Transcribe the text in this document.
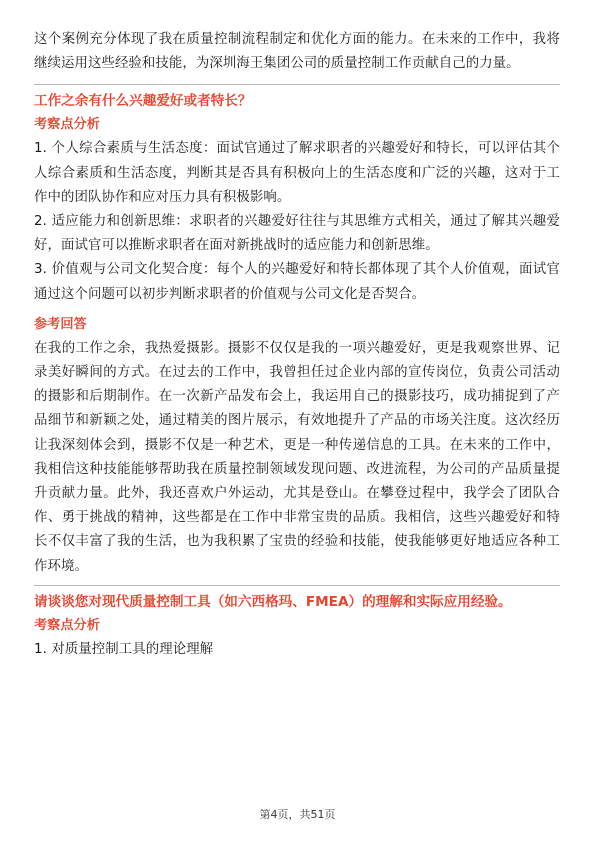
这个案例充分体现了我在质量控制流程制定和优化方面的能力。在未来的工作中，我将继续运用这些经验和技能，为深圳海王集团公司的质量控制工作贡献自己的力量。

工作之余有什么兴趣爱好或者特长？
考察点分析

1. 个人综合素质与生活态度：面试官通过了解求职者的兴趣爱好和特长，可以评估其个人综合素质和生活态度，判断其是否具有积极向上的生活态度和广泛的兴趣，这对于工作中的团队协作和应对压力具有积极影响。

2. 适应能力和创新思维：求职者的兴趣爱好往往与其思维方式相关，通过了解其兴趣爱好，面试官可以推断求职者在面对新挑战时的适应能力和创新思维。

3. 价值观与公司文化契合度：每个人的兴趣爱好和特长都体现了其个人价值观，面试官通过这个问题可以初步判断求职者的价值观与公司文化是否契合。

参考回答

在我的工作之余，我热爱摄影。摄影不仅仅是我的一项兴趣爱好，更是我观察世界、记录美好瞬间的方式。在过去的工作中，我曾担任过企业内部的宣传岗位，负责公司活动的摄影和后期制作。在一次新产品发布会上，我运用自己的摄影技巧，成功捕捉到了产品细节和新颖之处，通过精美的图片展示，有效地提升了产品的市场关注度。这次经历让我深刻体会到，摄影不仅是一种艺术，更是一种传递信息的工具。在未来的工作中，我相信这种技能能够帮助我在质量控制领域发现问题、改进流程，为公司的产品质量提升贡献力量。此外，我还喜欢户外运动，尤其是登山。在攀登过程中，我学会了团队合作、勇于挑战的精神，这些都是在工作中非常宝贵的品质。我相信，这些兴趣爱好和特长不仅丰富了我的生活，也为我积累了宝贵的经验和技能，使我能够更好地适应各种工作环境。

请谈谈您对现代质量控制工具（如六西格玛、FMEA）的理解和实际应用经验。
考察点分析

1. 对质量控制工具的理论理解

第4页，共51页
